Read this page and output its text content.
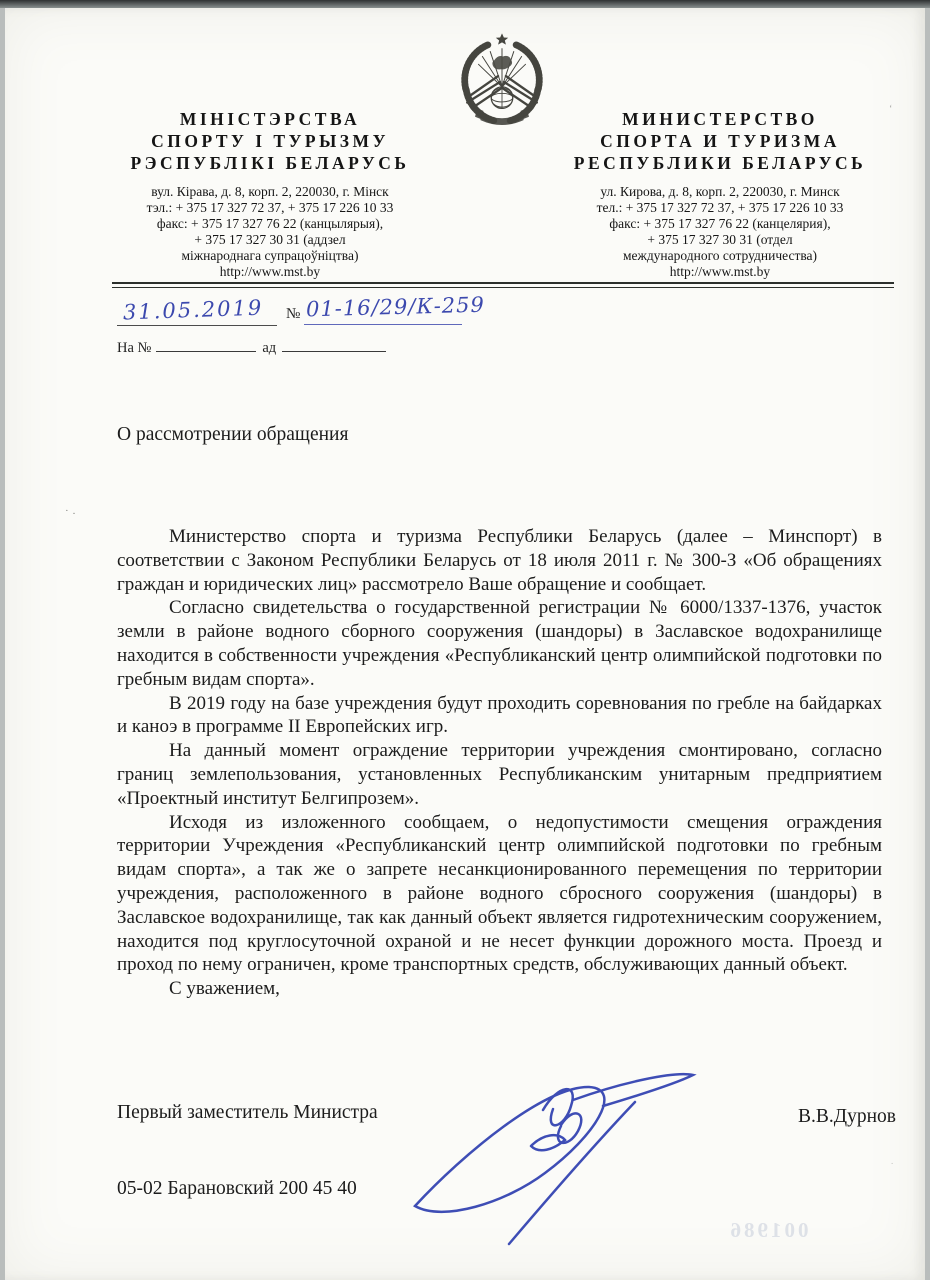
МІНІСТЭРСТВА
СПОРТУ І ТУРЫЗМУ
РЭСПУБЛІКІ БЕЛАРУСЬ
вул. Кірава, д. 8, корп. 2, 220030, г. Мінск
тэл.: + 375 17 327 72 37, + 375 17 226 10 33
факс: + 375 17 327 76 22 (канцылярыя),
+ 375 17 327 30 31 (аддзел
міжнароднага супрацоўніцтва)
http://www.mst.by
МИНИСТЕРСТВО
СПОРТА И ТУРИЗМА
РЕСПУБЛИКИ БЕЛАРУСЬ
ул. Кирова, д. 8, корп. 2, 220030, г. Минск
тел.: + 375 17 327 72 37, + 375 17 226 10 33
факс: + 375 17 327 76 22 (канцелярия),
+ 375 17 327 30 31 (отдел
международного сотрудничества)
http://www.mst.by
31.05.2019 № 01-16/29/К-259
На №	ад
О рассмотрении обращения

Министерство спорта и туризма Республики Беларусь (далее – Минспорт) в соответствии с Законом Республики Беларусь от 18 июля 2011 г. № 300-З «Об обращениях граждан и юридических лиц» рассмотрело Ваше обращение и сообщает.

Согласно свидетельства о государственной регистрации № 6000/1337-1376, участок земли в районе водного сборного сооружения (шандоры) в Заславское водохранилище находится в собственности учреждения «Республиканский центр олимпийской подготовки по гребным видам спорта».

В 2019 году на базе учреждения будут проходить соревнования по гребле на байдарках и каноэ в программе II Европейских игр.

На данный момент ограждение территории учреждения смонтировано, согласно границ землепользования, установленных Республиканским унитарным предприятием «Проектный институт Белгипрозем».

Исходя из изложенного сообщаем, о недопустимости смещения ограждения территории Учреждения «Республиканский центр олимпийской подготовки по гребным видам спорта», а так же о запрете несанкционированного перемещения по территории учреждения, расположенного в районе водного сбросного сооружения (шандоры) в Заславское водохранилище, так как данный объект является гидротехническим сооружением, находится под круглосуточной охраной и не несет функции дорожного моста. Проезд и проход по нему ограничен, кроме транспортных средств, обслуживающих данный объект.

С уважением,

Первый заместитель Министра	В.В.Дурнов
05-02 Барановский 200 45 40
001986
·.
ʻ
.
